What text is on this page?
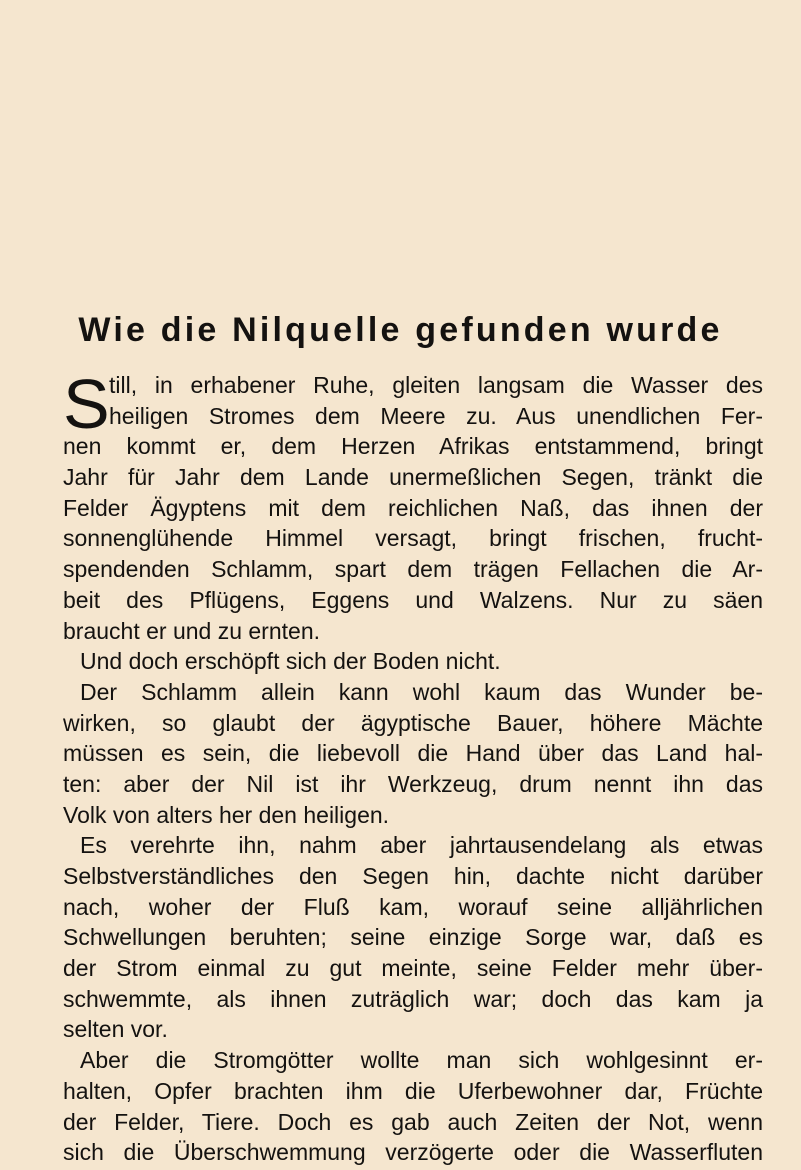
Wie die Nilquelle gefunden wurde
S till, in erhabener Ruhe, gleiten langsam die Wasser des
heiligen Stromes dem Meere zu. Aus unendlichen Fer-
nen kommt er, dem Herzen Afrikas entstammend, bringt
Jahr für Jahr dem Lande unermeßlichen Segen, tränkt die
Felder Ägyptens mit dem reichlichen Naß, das ihnen der
sonnenglühende Himmel versagt, bringt frischen, frucht-
spendenden Schlamm, spart dem trägen Fellachen die Ar-
beit des Pflügens, Eggens und Walzens. Nur zu säen
braucht er und zu ernten.
Und doch erschöpft sich der Boden nicht.
Der Schlamm allein kann wohl kaum das Wunder be-
wirken, so glaubt der ägyptische Bauer, höhere Mächte
müssen es sein, die liebevoll die Hand über das Land hal-
ten: aber der Nil ist ihr Werkzeug, drum nennt ihn das
Volk von alters her den heiligen.
Es verehrte ihn, nahm aber jahrtausendelang als etwas
Selbstverständliches den Segen hin, dachte nicht darüber
nach, woher der Fluß kam, worauf seine alljährlichen
Schwellungen beruhten; seine einzige Sorge war, daß es
der Strom einmal zu gut meinte, seine Felder mehr über-
schwemmte, als ihnen zuträglich war; doch das kam ja
selten vor.
Aber die Stromgötter wollte man sich wohlgesinnt er-
halten, Opfer brachten ihm die Uferbewohner dar, Früchte
der Felder, Tiere. Doch es gab auch Zeiten der Not, wenn
sich die Überschwemmung verzögerte oder die Wasserfluten
